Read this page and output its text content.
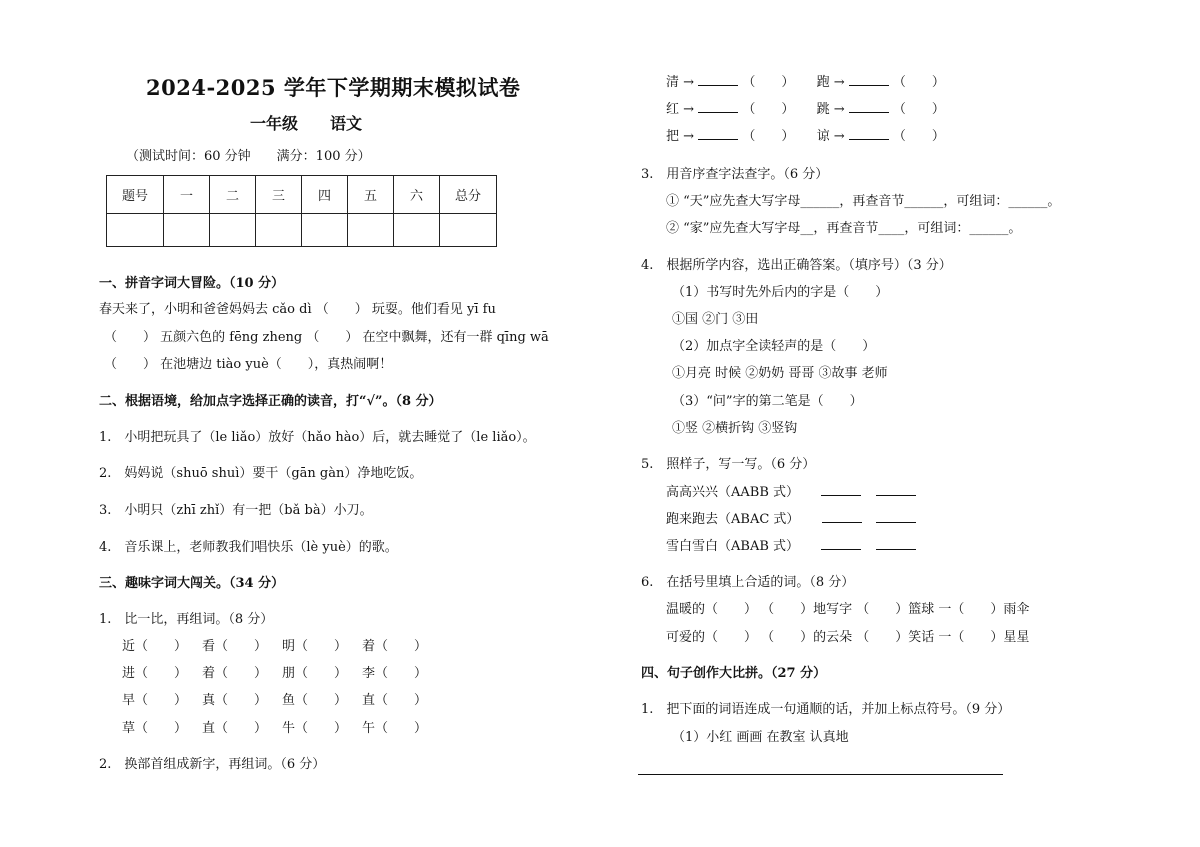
2024-2025 学年下学期期末模拟试卷
一年级 语文
（测试时间：60 分钟　　满分：100 分）
题号	一	二	三	四	五	六	总分

一、拼音字词大冒险。（10 分）
春天来了，小明和爸爸妈妈去 cǎo dì （　　） 玩耍。他们看见 yī fu
（　　） 五颜六色的 fēng zheng （　　） 在空中飘舞，还有一群 qīng wā
（　　） 在池塘边 tiào yuè（　　），真热闹啊！
二、根据语境，给加点字选择正确的读音，打“√”。（8 分）
1.　小明把玩具了（le liǎo）放好（hǎo hào）后，就去睡觉了（le liǎo）。
2.　妈妈说（shuō shuì）要干（gān gàn）净地吃饭。
3.　小明只（zhī zhǐ）有一把（bǎ bà）小刀。
4.　音乐课上，老师教我们唱快乐（lè yuè）的歌。
三、趣味字词大闯关。（34 分）
1.　比一比，再组词。（8 分）
近（　　） 看（　　） 明（　　） 着（　　）
进（　　） 着（　　） 朋（　　） 李（　　）
早（　　） 真（　　） 鱼（　　） 直（　　）
草（　　） 直（　　） 牛（　　） 午（　　）
2.　换部首组成新字，再组词。（6 分）
清 →	（　　） 跑 →	（　　）
红 →	（　　） 跳 →	（　　）
把 →	（　　） 谅 →	（　　）
3.　用音序查字法查字。（6 分）
① “天”应先查大写字母______，再查音节______，可组词：______。
② “家”应先查大写字母__，再查音节____，可组词：______。
4.　根据所学内容，选出正确答案。（填序号）（3 分）
（1）书写时先外后内的字是（　　）
①国 ②门 ③田
（2）加点字全读轻声的是（　　）
①月亮 时候 ②奶奶 哥哥 ③故事 老师
（3）“问”字的第二笔是（　　）
①竖 ②横折钩 ③竖钩
5.　照样子，写一写。（6 分）
高高兴兴（AABB 式）
跑来跑去（ABAC 式）
雪白雪白（ABAB 式）
6.　在括号里填上合适的词。（8 分）
温暖的（　　） （　　）地写字 （　　）篮球 一（　　）雨伞
可爱的（　　） （　　）的云朵 （　　）笑话 一（　　）星星
四、句子创作大比拼。（27 分）
1.　把下面的词语连成一句通顺的话，并加上标点符号。（9 分）
（1）小红 画画 在教室 认真地
